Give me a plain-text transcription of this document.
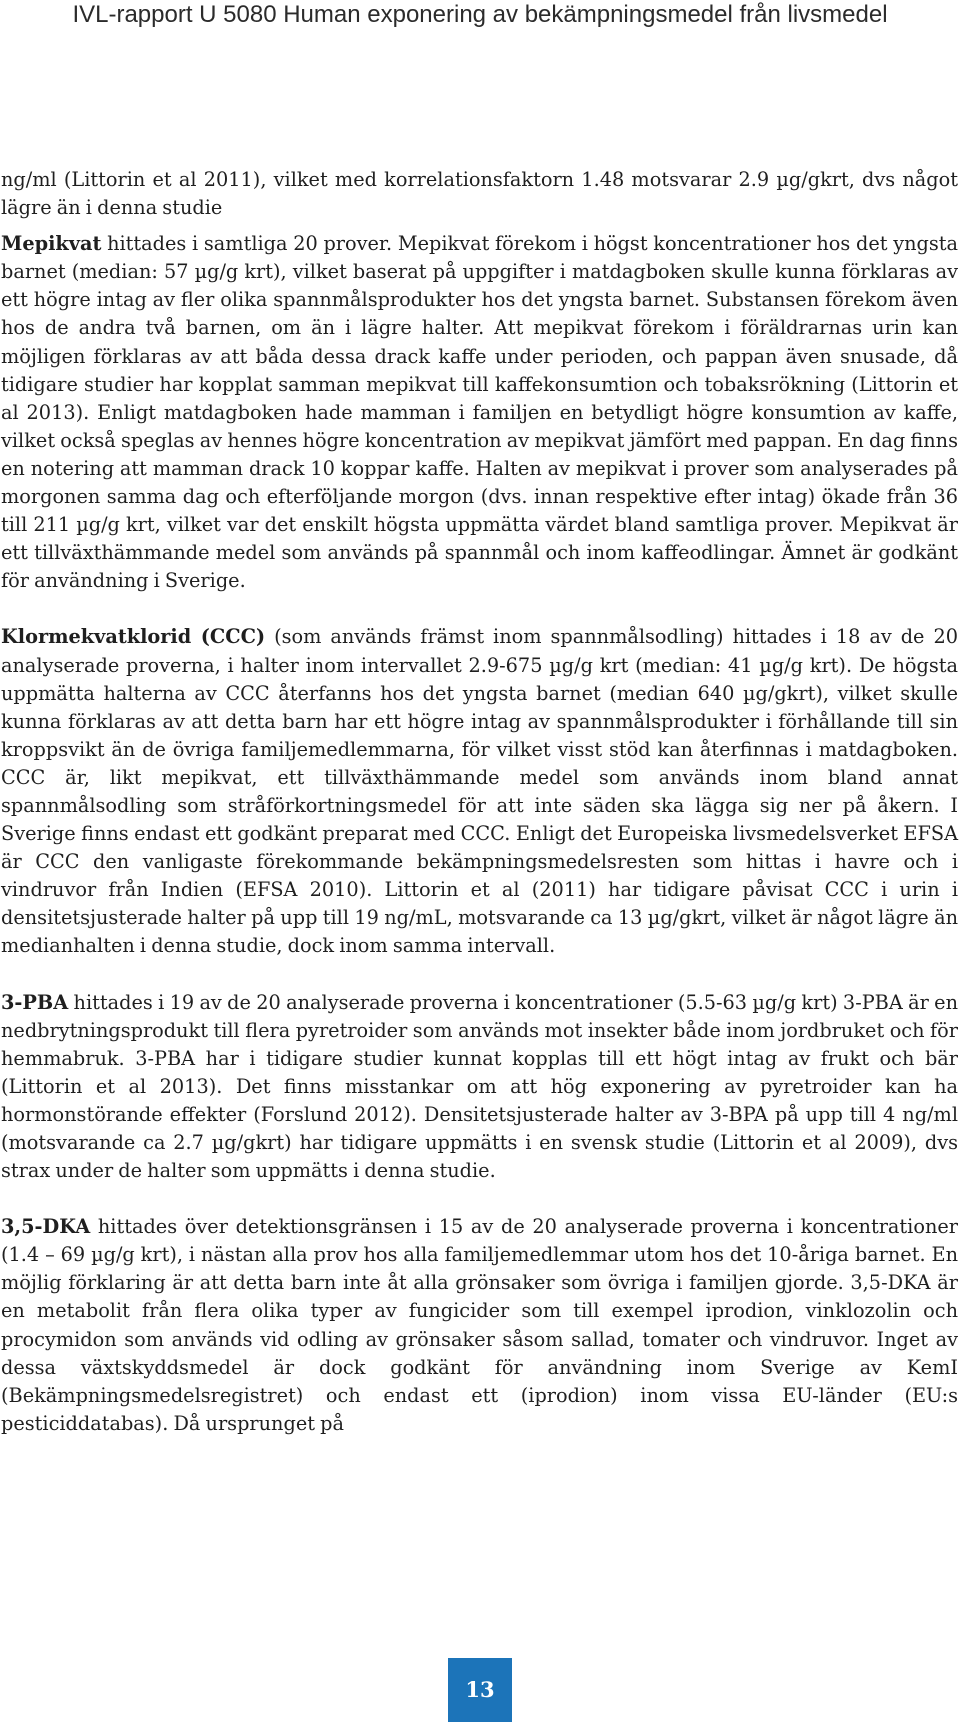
IVL-rapport U 5080 Human exponering av bekämpningsmedel från livsmedel

ng/ml (Littorin et al 2011), vilket med korrelationsfaktorn 1.48 motsvarar 2.9 µg/gkrt, dvs något lägre än i denna studie

Mepikvat hittades i samtliga 20 prover. Mepikvat förekom i högst koncentrationer hos det yngsta barnet (median: 57 µg/g krt), vilket baserat på uppgifter i matdagboken skulle kunna förklaras av ett högre intag av fler olika spannmålsprodukter hos det yngsta barnet. Substansen förekom även hos de andra två barnen, om än i lägre halter. Att mepikvat förekom i föräldrarnas urin kan möjligen förklaras av att båda dessa drack kaffe under perioden, och pappan även snusade, då tidigare studier har kopplat samman mepikvat till kaffekonsumtion och tobaksrökning (Littorin et al 2013). Enligt matdagboken hade mamman i familjen en betydligt högre konsumtion av kaffe, vilket också speglas av hennes högre koncentration av mepikvat jämfört med pappan. En dag finns en notering att mamman drack 10 koppar kaffe. Halten av mepikvat i prover som analyserades på morgonen samma dag och efterföljande morgon (dvs. innan respektive efter intag) ökade från 36 till 211 µg/g krt, vilket var det enskilt högsta uppmätta värdet bland samtliga prover. Mepikvat är ett tillväxthämmande medel som används på spannmål och inom kaffeodlingar. Ämnet är godkänt för användning i Sverige.

Klormekvatklorid (CCC) (som används främst inom spannmålsodling) hittades i 18 av de 20 analyserade proverna, i halter inom intervallet 2.9-675 µg/g krt (median: 41 µg/g krt). De högsta uppmätta halterna av CCC återfanns hos det yngsta barnet (median 640 µg/gkrt), vilket skulle kunna förklaras av att detta barn har ett högre intag av spannmålsprodukter i förhållande till sin kroppsvikt än de övriga familjemedlemmarna, för vilket visst stöd kan återfinnas i matdagboken. CCC är, likt mepikvat, ett tillväxthämmande medel som används inom bland annat spannmålsodling som stråförkortningsmedel för att inte säden ska lägga sig ner på åkern. I Sverige finns endast ett godkänt preparat med CCC. Enligt det Europeiska livsmedelsverket EFSA är CCC den vanligaste förekommande bekämpningsmedelsresten som hittas i havre och i vindruvor från Indien (EFSA 2010). Littorin et al (2011) har tidigare påvisat CCC i urin i densitetsjusterade halter på upp till 19 ng/mL, motsvarande ca 13 µg/gkrt, vilket är något lägre än medianhalten i denna studie, dock inom samma intervall.

3-PBA hittades i 19 av de 20 analyserade proverna i koncentrationer (5.5-63 µg/g krt) 3-PBA är en nedbrytningsprodukt till flera pyretroider som används mot insekter både inom jordbruket och för hemmabruk. 3-PBA har i tidigare studier kunnat kopplas till ett högt intag av frukt och bär (Littorin et al 2013). Det finns misstankar om att hög exponering av pyretroider kan ha hormonstörande effekter (Forslund 2012). Densitetsjusterade halter av 3-BPA på upp till 4 ng/ml (motsvarande ca 2.7 µg/gkrt) har tidigare uppmätts i en svensk studie (Littorin et al 2009), dvs strax under de halter som uppmätts i denna studie.

3,5-DKA hittades över detektionsgränsen i 15 av de 20 analyserade proverna i koncentrationer (1.4 – 69 µg/g krt), i nästan alla prov hos alla familjemedlemmar utom hos det 10-åriga barnet. En möjlig förklaring är att detta barn inte åt alla grönsaker som övriga i familjen gjorde. 3,5-DKA är en metabolit från flera olika typer av fungicider som till exempel iprodion, vinklozolin och procymidon som används vid odling av grönsaker såsom sallad, tomater och vindruvor. Inget av dessa växtskyddsmedel är dock godkänt för användning inom Sverige av KemI (Bekämpningsmedelsregistret) och endast ett (iprodion) inom vissa EU-länder (EU:s pesticiddatabas). Då ursprunget på

13
